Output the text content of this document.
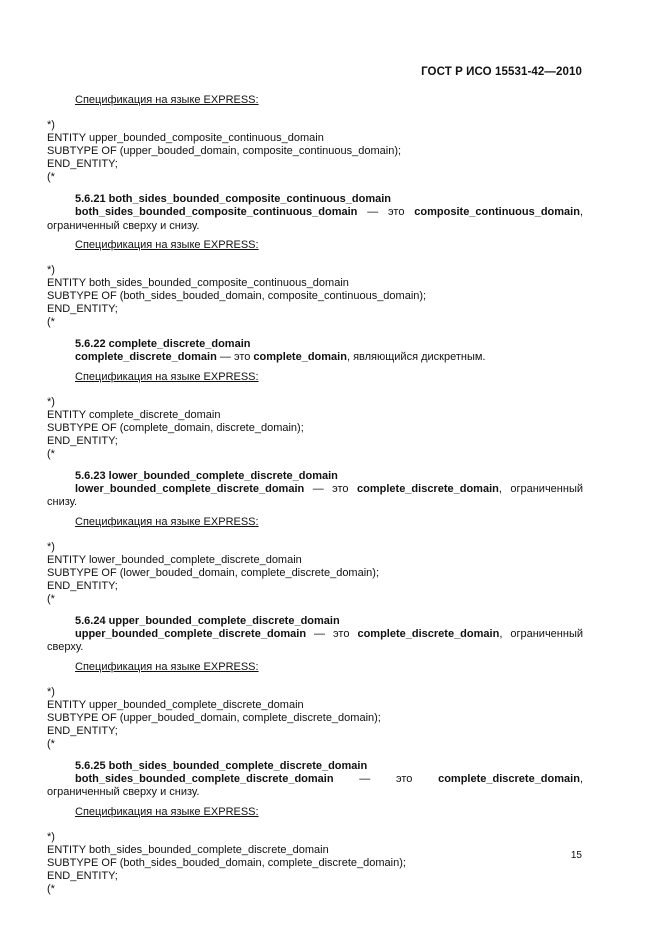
ГОСТ Р ИСО 15531-42—2010

Спецификация на языке EXPRESS:

*)
ENTITY upper_bounded_composite_continuous_domain
SUBTYPE OF (upper_bouded_domain, composite_continuous_domain);
END_ENTITY;
(*
5.6.21 both_sides_bounded_composite_continuous_domain
both_sides_bounded_composite_continuous_domain — это composite_continuous_domain, ограниченный сверху и снизу.

Спецификация на языке EXPRESS:

*)
ENTITY both_sides_bounded_composite_continuous_domain
SUBTYPE OF (both_sides_bouded_domain, composite_continuous_domain);
END_ENTITY;
(*
5.6.22 complete_discrete_domain
complete_discrete_domain — это complete_domain, являющийся дискретным.

Спецификация на языке EXPRESS:

*)
ENTITY complete_discrete_domain
SUBTYPE OF (complete_domain, discrete_domain);
END_ENTITY;
(*
5.6.23 lower_bounded_complete_discrete_domain
lower_bounded_complete_discrete_domain — это complete_discrete_domain, ограниченный снизу.

Спецификация на языке EXPRESS:

*)
ENTITY lower_bounded_complete_discrete_domain
SUBTYPE OF (lower_bouded_domain, complete_discrete_domain);
END_ENTITY;
(*
5.6.24 upper_bounded_complete_discrete_domain
upper_bounded_complete_discrete_domain — это complete_discrete_domain, ограниченный сверху.

Спецификация на языке EXPRESS:

*)
ENTITY upper_bounded_complete_discrete_domain
SUBTYPE OF (upper_bouded_domain, complete_discrete_domain);
END_ENTITY;
(*
5.6.25 both_sides_bounded_complete_discrete_domain
both_sides_bounded_complete_discrete_domain — это complete_discrete_domain, ограниченный сверху и снизу.

Спецификация на языке EXPRESS:

*)
ENTITY both_sides_bounded_complete_discrete_domain
SUBTYPE OF (both_sides_bouded_domain, complete_discrete_domain);
END_ENTITY;
(*
15
